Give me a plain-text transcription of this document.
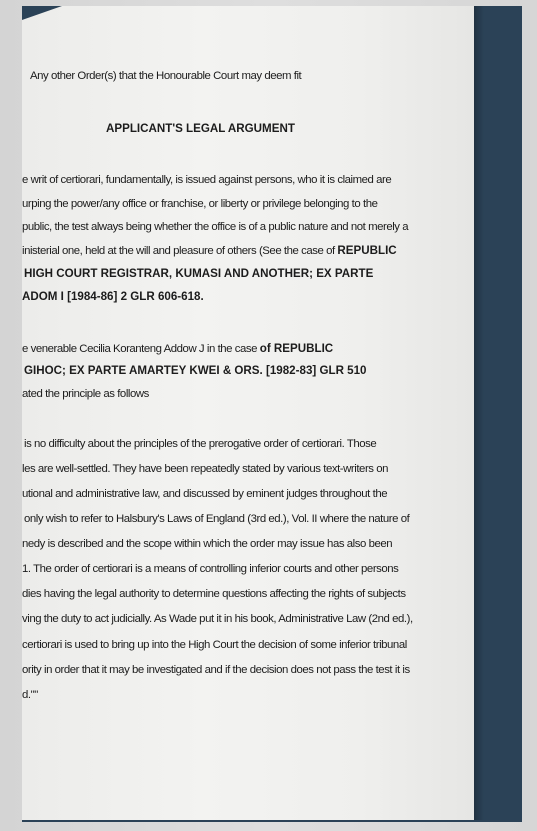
Any other Order(s) that the Honourable Court may deem fit
APPLICANT'S LEGAL ARGUMENT
e writ of certiorari, fundamentally, is issued against persons, who it is claimed are
urping the power/any office or franchise, or liberty or privilege belonging to the
public, the test always being whether the office is of a public nature and not merely a
inisterial one, held at the will and pleasure of others (See the case of REPUBLIC
HIGH COURT REGISTRAR, KUMASI AND ANOTHER; EX PARTE
ADOM I [1984-86] 2 GLR 606-618.
e venerable Cecilia Koranteng Addow J in the case of REPUBLIC
GIHOC; EX PARTE AMARTEY KWEI & ORS. [1982-83] GLR 510
ated the principle as follows
is no difficulty about the principles of the prerogative order of certiorari. Those
les are well-settled. They have been repeatedly stated by various text-writers on
utional and administrative law, and discussed by eminent judges throughout the
only wish to refer to Halsbury's Laws of England (3rd ed.), Vol. II where the nature of
nedy is described and the scope within which the order may issue has also been
1. The order of certiorari is a means of controlling inferior courts and other persons
dies having the legal authority to determine questions affecting the rights of subjects
ving the duty to act judicially. As Wade put it in his book, Administrative Law (2nd ed.),
certiorari is used to bring up into the High Court the decision of some inferior tribunal
ority in order that it may be investigated and if the decision does not pass the test it is
d.""
